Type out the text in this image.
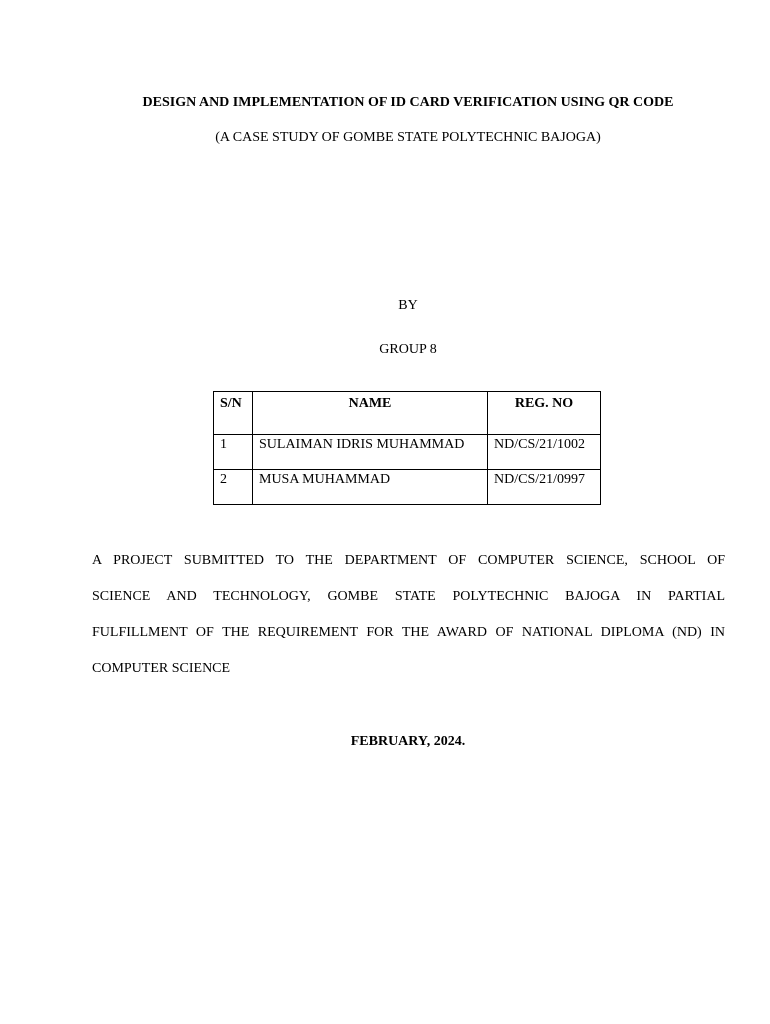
DESIGN AND IMPLEMENTATION OF ID CARD VERIFICATION USING QR CODE
(A CASE STUDY OF GOMBE STATE POLYTECHNIC BAJOGA)
BY
GROUP 8
S/N	NAME	REG. NO
1	SULAIMAN IDRIS MUHAMMAD	ND/CS/21/1002
2	MUSA MUHAMMAD	ND/CS/21/0997
A PROJECT SUBMITTED TO THE DEPARTMENT OF COMPUTER SCIENCE, SCHOOL OF
SCIENCE AND TECHNOLOGY, GOMBE STATE POLYTECHNIC BAJOGA IN PARTIAL
FULFILLMENT OF THE REQUIREMENT FOR THE AWARD OF NATIONAL DIPLOMA (ND) IN
COMPUTER SCIENCE
FEBRUARY, 2024.
